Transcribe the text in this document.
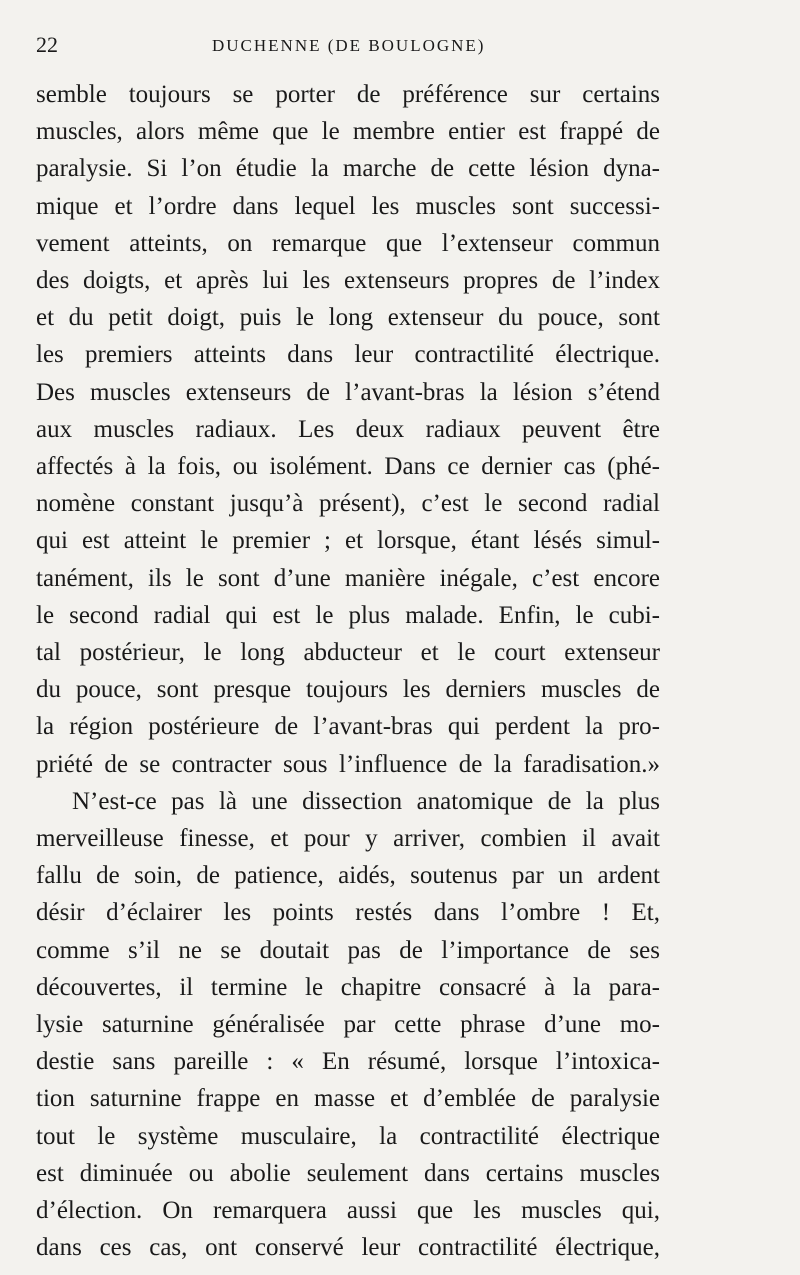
22	DUCHENNE (DE BOULOGNE)
semble toujours se porter de préférence sur certains
muscles, alors même que le membre entier est frappé de
paralysie. Si l’on étudie la marche de cette lésion dyna-
mique et l’ordre dans lequel les muscles sont successi-
vement atteints, on remarque que l’extenseur commun
des doigts, et après lui les extenseurs propres de l’index
et du petit doigt, puis le long extenseur du pouce, sont
les premiers atteints dans leur contractilité électrique.
Des muscles extenseurs de l’avant-bras la lésion s’étend
aux muscles radiaux. Les deux radiaux peuvent être
affectés à la fois, ou isolément. Dans ce dernier cas (phé-
nomène constant jusqu’à présent), c’est le second radial
qui est atteint le premier ; et lorsque, étant lésés simul-
tanément, ils le sont d’une manière inégale, c’est encore
le second radial qui est le plus malade. Enfin, le cubi-
tal postérieur, le long abducteur et le court extenseur
du pouce, sont presque toujours les derniers muscles de
la région postérieure de l’avant-bras qui perdent la pro-
priété de se contracter sous l’influence de la faradisation.»
N’est-ce pas là une dissection anatomique de la plus
merveilleuse finesse, et pour y arriver, combien il avait
fallu de soin, de patience, aidés, soutenus par un ardent
désir d’éclairer les points restés dans l’ombre ! Et,
comme s’il ne se doutait pas de l’importance de ses
découvertes, il termine le chapitre consacré à la para-
lysie saturnine généralisée par cette phrase d’une mo-
destie sans pareille : « En résumé, lorsque l’intoxica-
tion saturnine frappe en masse et d’emblée de paralysie
tout le système musculaire, la contractilité électrique
est diminuée ou abolie seulement dans certains muscles
d’élection. On remarquera aussi que les muscles qui,
dans ces cas, ont conservé leur contractilité électrique,
